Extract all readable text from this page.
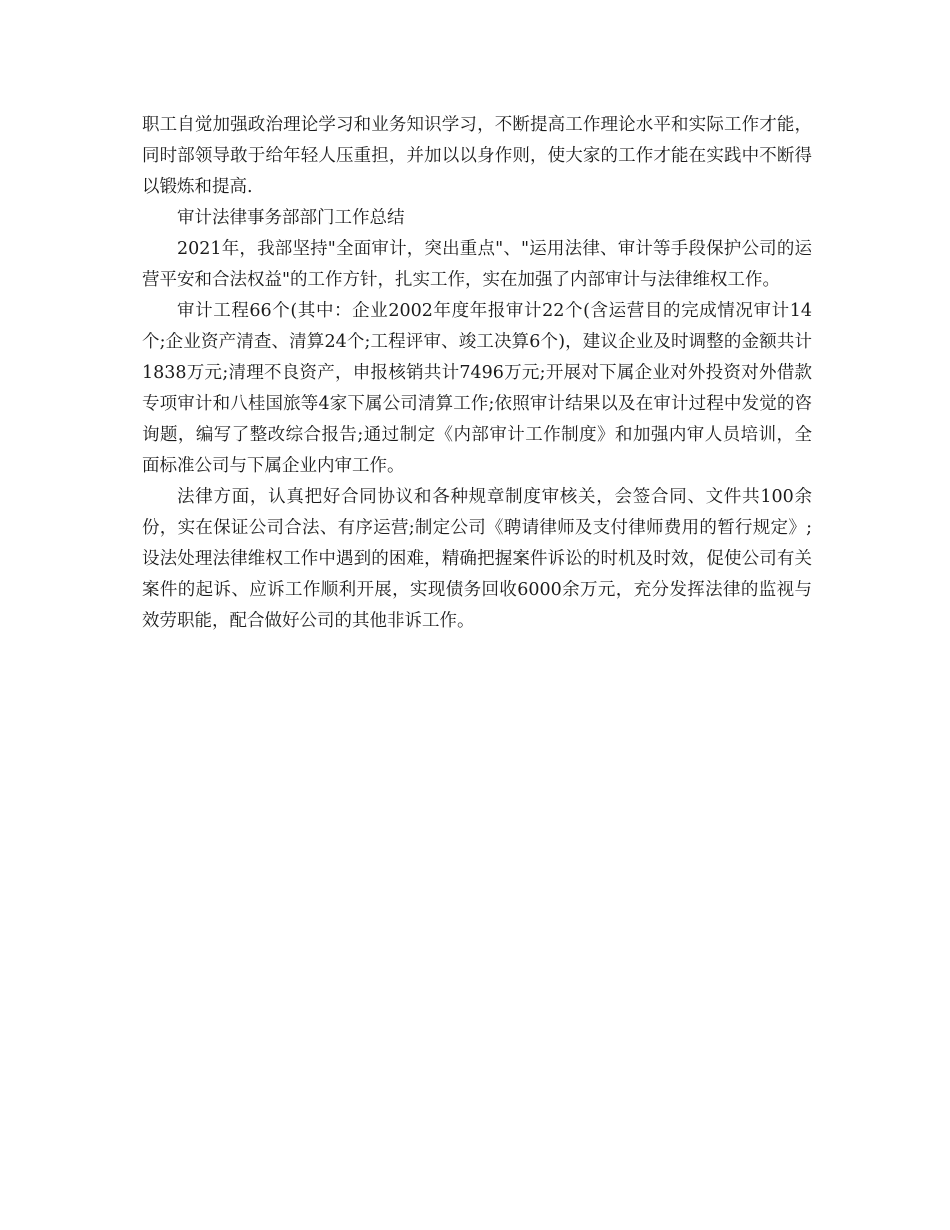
职工自觉加强政治理论学习和业务知识学习，不断提高工作理论水平和实际工作才能，同时部领导敢于给年轻人压重担，并加以以身作则，使大家的工作才能在实践中不断得以锻炼和提高.

审计法律事务部部门工作总结

2021年，我部坚持"全面审计，突出重点"、"运用法律、审计等手段保护公司的运营平安和合法权益"的工作方针，扎实工作，实在加强了内部审计与法律维权工作。

审计工程66个(其中：企业2002年度年报审计22个(含运营目的完成情况审计14个;企业资产清查、清算24个;工程评审、竣工决算6个)，建议企业及时调整的金额共计1838万元;清理不良资产，申报核销共计7496万元;开展对下属企业对外投资对外借款专项审计和八桂国旅等4家下属公司清算工作;依照审计结果以及在审计过程中发觉的咨询题，编写了整改综合报告;通过制定《内部审计工作制度》和加强内审人员培训，全面标准公司与下属企业内审工作。

法律方面，认真把好合同协议和各种规章制度审核关，会签合同、文件共100余份，实在保证公司合法、有序运营;制定公司《聘请律师及支付律师费用的暂行规定》;设法处理法律维权工作中遇到的困难，精确把握案件诉讼的时机及时效，促使公司有关案件的起诉、应诉工作顺利开展，实现债务回收6000余万元，充分发挥法律的监视与效劳职能，配合做好公司的其他非诉工作。
